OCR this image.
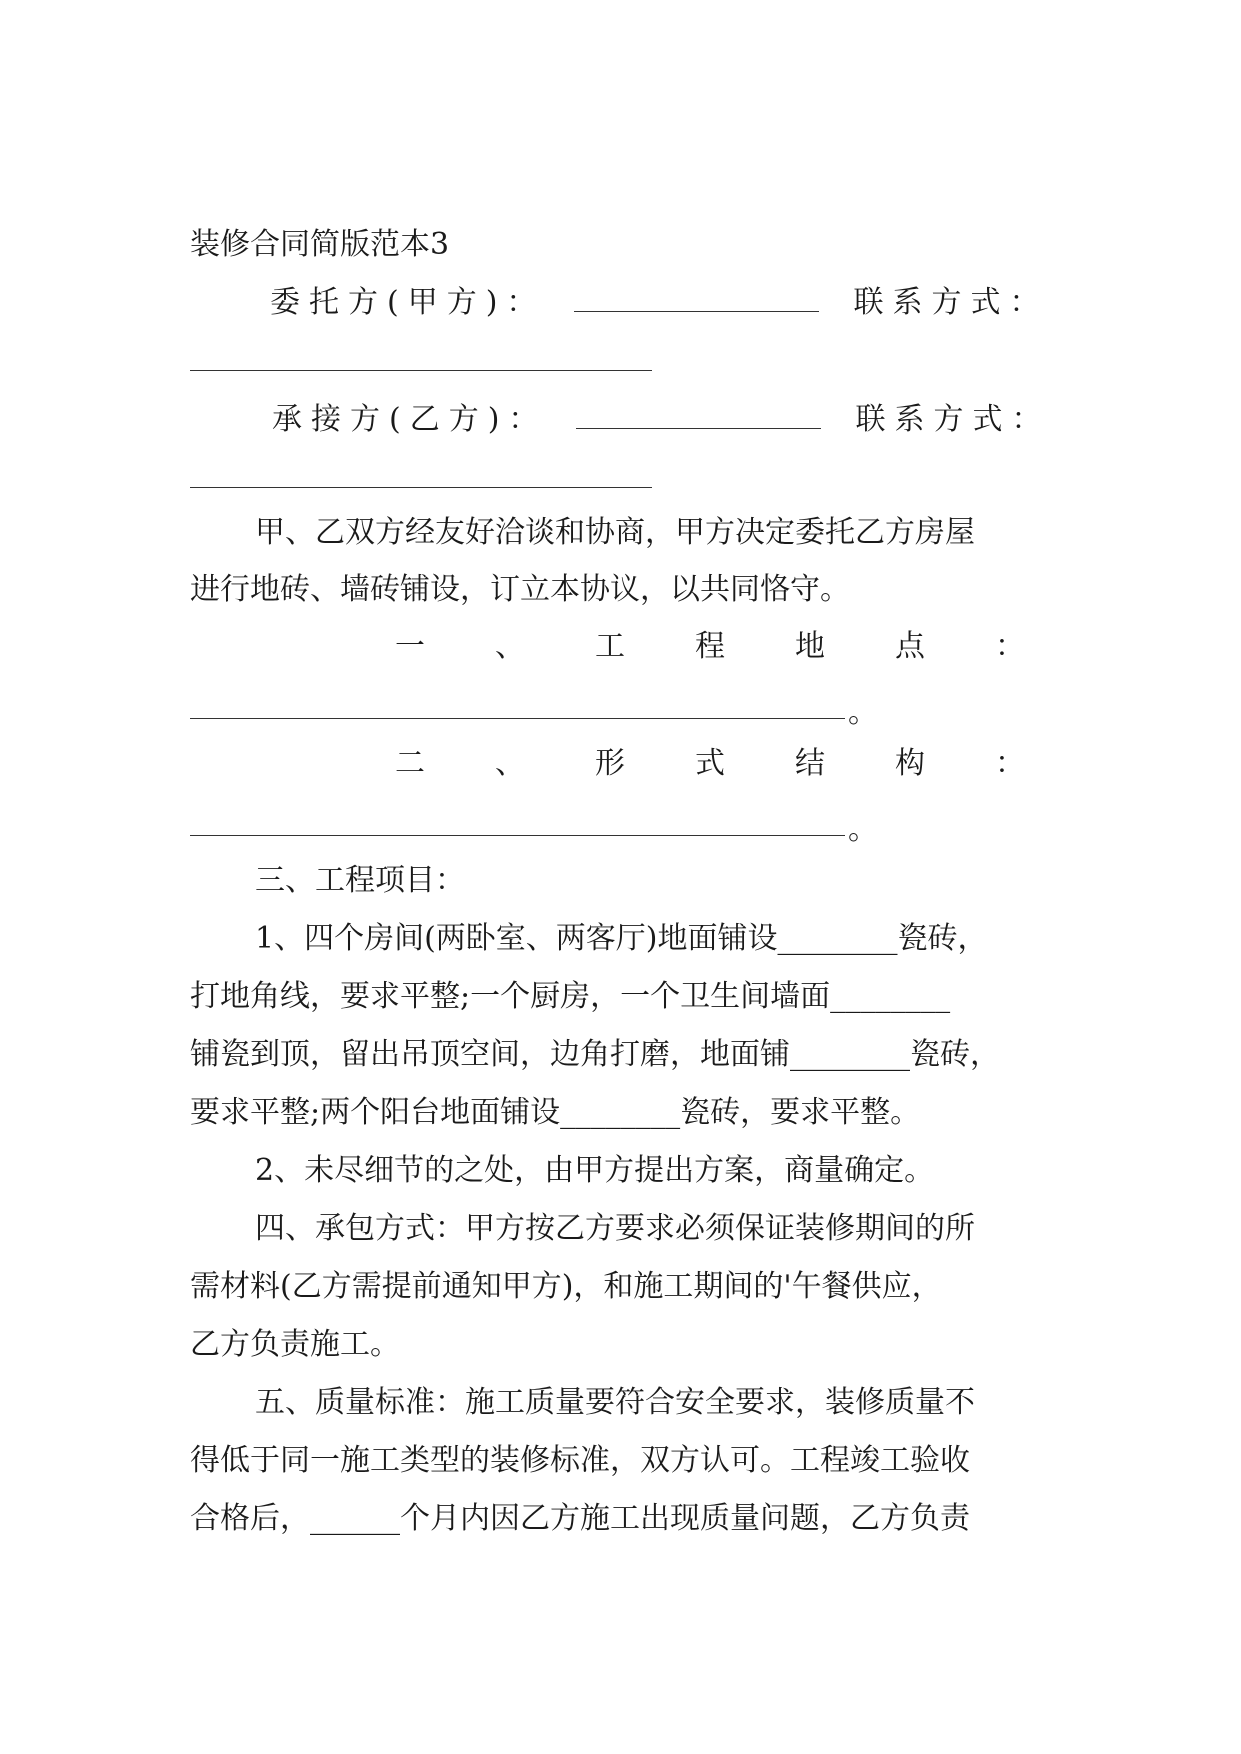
装修合同简版范本3
委托方(甲方)：	联系方式：
承接方(乙方)：	联系方式：
甲、乙双方经友好洽谈和协商，甲方决定委托乙方房屋
进行地砖、墙砖铺设，订立本协议，以共同恪守。
一 、 工 程 地 点 ：
。
二 、 形 式 结 构 ：
。
三、工程项目：
1、四个房间(两卧室、两客厅)地面铺设________瓷砖，
打地角线，要求平整;一个厨房，一个卫生间墙面________
铺瓷到顶，留出吊顶空间，边角打磨，地面铺________瓷砖，
要求平整;两个阳台地面铺设________瓷砖，要求平整。
2、未尽细节的之处，由甲方提出方案，商量确定。
四、承包方式：甲方按乙方要求必须保证装修期间的所
需材料(乙方需提前通知甲方)，和施工期间的'午餐供应，
乙方负责施工。
五、质量标准：施工质量要符合安全要求，装修质量不
得低于同一施工类型的装修标准，双方认可。工程竣工验收
合格后，______个月内因乙方施工出现质量问题，乙方负责
